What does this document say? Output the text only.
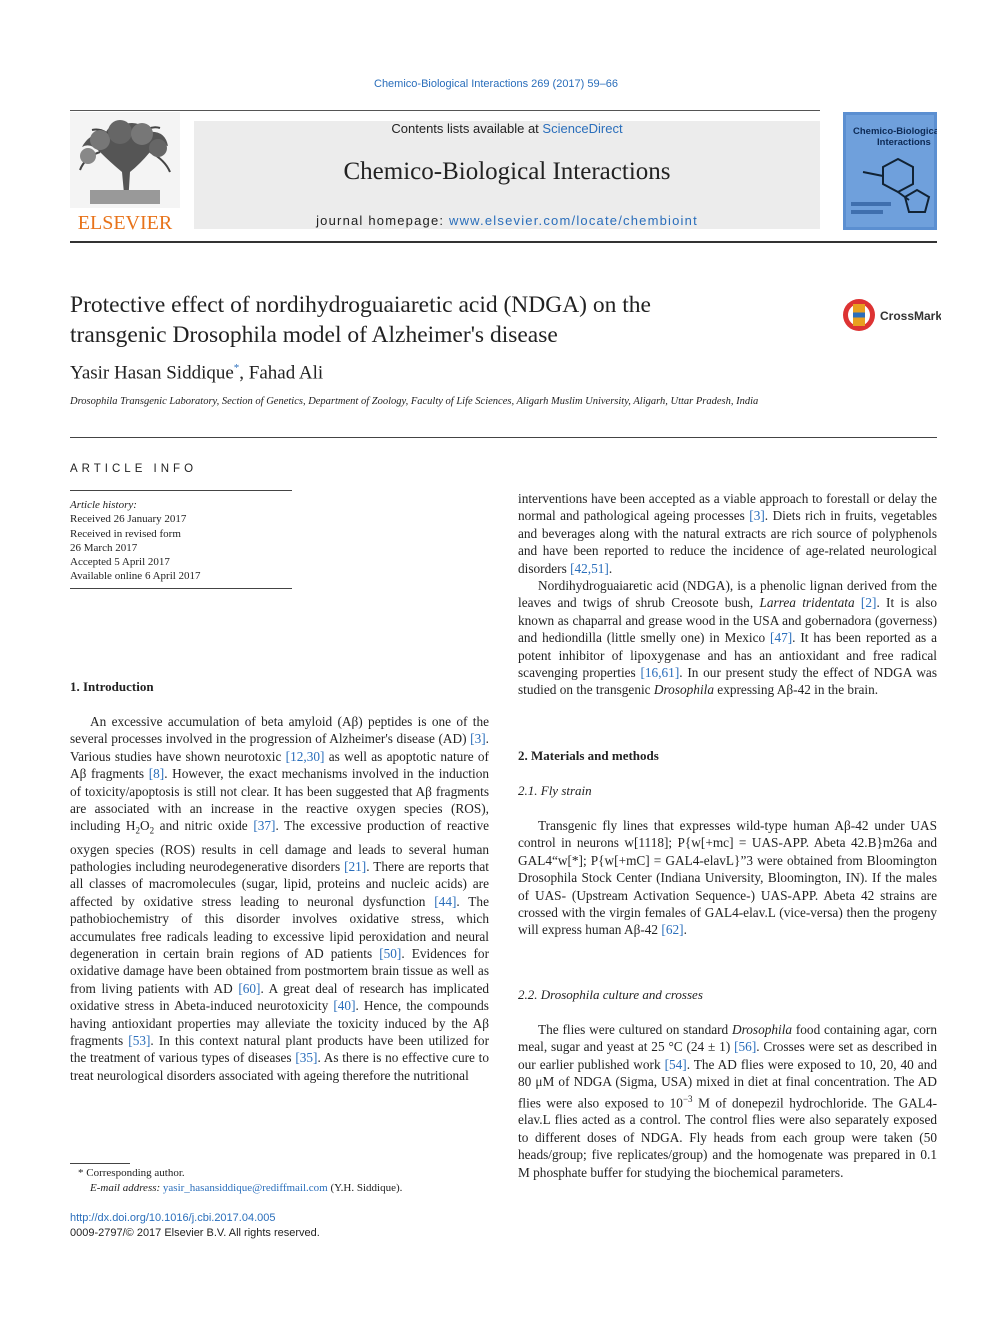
Chemico-Biological Interactions 269 (2017) 59–66
ELSEVIER
Contents lists available at ScienceDirect
Chemico-Biological Interactions
journal homepage: www.elsevier.com/locate/chembioint
Chemico-Biological
Interactions
Protective effect of nordihydroguaiaretic acid (NDGA) on the
transgenic Drosophila model of Alzheimer's disease
CrossMark
Yasir Hasan Siddique*, Fahad Ali
Drosophila Transgenic Laboratory, Section of Genetics, Department of Zoology, Faculty of Life Sciences, Aligarh Muslim University, Aligarh, Uttar Pradesh, India
ARTICLE INFO
Article history:
Received 26 January 2017
Received in revised form
26 March 2017
Accepted 5 April 2017
Available online 6 April 2017
1. Introduction

An excessive accumulation of beta amyloid (Aβ) peptides is one of the several processes involved in the progression of Alzheimer's disease (AD) [3]. Various studies have shown neurotoxic [12,30] as well as apoptotic nature of Aβ fragments [8]. However, the exact mechanisms involved in the induction of toxicity/apoptosis is still not clear. It has been suggested that Aβ fragments are associated with an increase in the reactive oxygen species (ROS), including $H_2O_2$ and nitric oxide [37]. The excessive production of reactive oxygen species (ROS) results in cell damage and leads to several human pathologies including neurodegenerative disorders [21]. There are reports that all classes of macromolecules (sugar, lipid, proteins and nucleic acids) are affected by oxidative stress leading to neuronal dysfunction [44]. The pathobiochemistry of this disorder involves oxidative stress, which accumulates free radicals leading to excessive lipid peroxidation and neural degeneration in certain brain regions of AD patients [50]. Evidences for oxidative damage have been obtained from postmortem brain tissue as well as from living patients with AD [60]. A great deal of research has implicated oxidative stress in Abeta-induced neurotoxicity [40]. Hence, the compounds having antioxidant properties may alleviate the toxicity induced by the Aβ fragments [53]. In this context natural plant products have been utilized for the treatment of various types of diseases [35]. As there is no effective cure to treat neurological disorders associated with ageing therefore the nutritional

interventions have been accepted as a viable approach to forestall or delay the normal and pathological ageing processes [3]. Diets rich in fruits, vegetables and beverages along with the natural extracts are rich source of polyphenols and have been reported to reduce the incidence of age-related neurological disorders [42,51].

Nordihydroguaiaretic acid (NDGA), is a phenolic lignan derived from the leaves and twigs of shrub Creosote bush, Larrea tridentata [2]. It is also known as chaparral and grease wood in the USA and gobernadora (governess) and hediondilla (little smelly one) in Mexico [47]. It has been reported as a potent inhibitor of lipoxygenase and has an antioxidant and free radical scavenging properties [16,61]. In our present study the effect of NDGA was studied on the transgenic Drosophila expressing Aβ-42 in the brain.

2. Materials and methods
2.1. Fly strain

Transgenic fly lines that expresses wild-type human Aβ-42 under UAS control in neurons w[1118]; P{w[+mc] = UAS-APP. Abeta 42.B}m26a and GAL4“w[*]; P{w[+mC] = GAL4-elavL}”3 were obtained from Bloomington Drosophila Stock Center (Indiana University, Bloomington, IN). If the males of UAS- (Upstream Activation Sequence-) UAS-APP. Abeta 42 strains are crossed with the virgin females of GAL4-elav.L (vice-versa) then the progeny will express human Aβ-42 [62].

2.2. Drosophila culture and crosses

The flies were cultured on standard Drosophila food containing agar, corn meal, sugar and yeast at 25 °C (24 ± 1) [56]. Crosses were set as described in our earlier published work [54]. The AD flies were exposed to 10, 20, 40 and 80 μM of NDGA (Sigma, USA) mixed in diet at final concentration. The AD flies were also exposed to $10^{-3}$ M of donepezil hydrochloride. The GAL4-elav.L flies acted as a control. The control flies were also separately exposed to different doses of NDGA. Fly heads from each group were taken (50 heads/group; five replicates/group) and the homogenate was prepared in 0.1 M phosphate buffer for studying the biochemical parameters.

* Corresponding author.
E-mail address: yasir_hasansiddique@rediffmail.com (Y.H. Siddique).
http://dx.doi.org/10.1016/j.cbi.2017.04.005
0009-2797/© 2017 Elsevier B.V. All rights reserved.
